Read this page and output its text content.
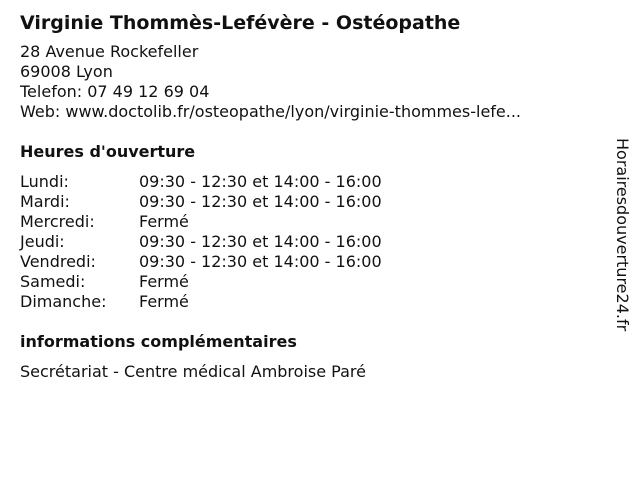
Virginie Thommès-Lefévère - Ostéopathe
28 Avenue Rockefeller
69008 Lyon
Telefon: 07 49 12 69 04
Web: www.doctolib.fr/osteopathe/lyon/virginie-thommes-lefe...
Heures d'ouverture
Lundi:	09:30 - 12:30 et 14:00 - 16:00
Mardi:	09:30 - 12:30 et 14:00 - 16:00
Mercredi:	Fermé
Jeudi:	09:30 - 12:30 et 14:00 - 16:00
Vendredi:	09:30 - 12:30 et 14:00 - 16:00
Samedi:	Fermé
Dimanche:	Fermé
informations complémentaires
Secrétariat - Centre médical Ambroise Paré
Horairesdouverture24.fr
